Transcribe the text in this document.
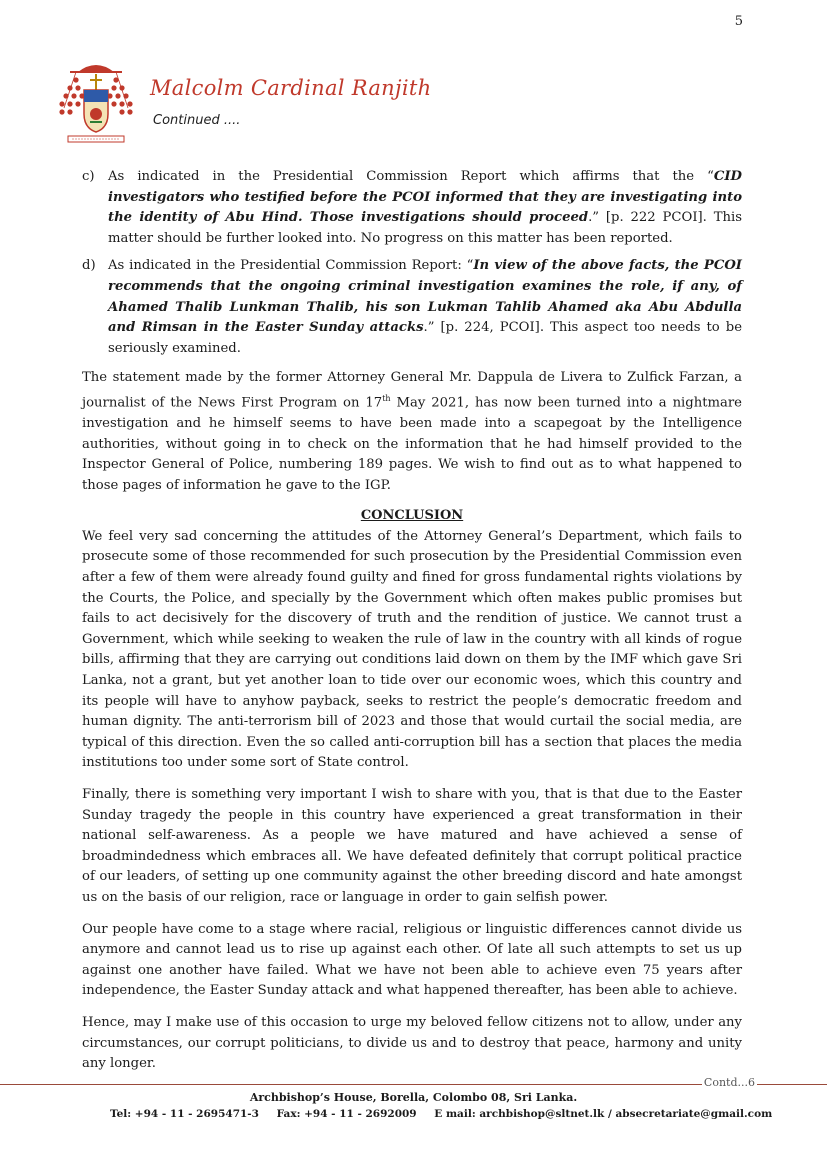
5
Malcolm Cardinal Ranjith
Continued ....
c)	As indicated in the Presidential Commission Report which affirms that the “CID investigators who testified before the PCOI informed that they are investigating into the identity of Abu Hind. Those investigations should proceed.” [p. 222 PCOI]. This matter should be further looked into. No progress on this matter has been reported.
d) As indicated in the Presidential Commission Report: “In view of the above facts, the PCOI recommends that the ongoing criminal investigation examines the role, if any, of Ahamed Thalib Lunkman Thalib, his son Lukman Tahlib Ahamed aka Abu Abdulla and Rimsan in the Easter Sunday attacks.” [p. 224, PCOI]. This aspect too needs to be seriously examined.

The statement made by the former Attorney General Mr. Dappula de Livera to Zulfick Farzan, a journalist of the News First Program on 17th May 2021, has now been turned into a nightmare investigation and he himself seems to have been made into a scapegoat by the Intelligence authorities, without going in to check on the information that he had himself provided to the Inspector General of Police, numbering 189 pages. We wish to find out as to what happened to those pages of information he gave to the IGP.

CONCLUSION

We feel very sad concerning the attitudes of the Attorney General’s Department, which fails to prosecute some of those recommended for such prosecution by the Presidential Commission even after a few of them were already found guilty and fined for gross fundamental rights violations by the Courts, the Police, and specially by the Government which often makes public promises but fails to act decisively for the discovery of truth and the rendition of justice. We cannot trust a Government, which while seeking to weaken the rule of law in the country with all kinds of rogue bills, affirming that they are carrying out conditions laid down on them by the IMF which gave Sri Lanka, not a grant, but yet another loan to tide over our economic woes, which this country and its people will have to anyhow payback, seeks to restrict the people’s democratic freedom and human dignity. The anti-terrorism bill of 2023 and those that would curtail the social media, are typical of this direction. Even the so called anti-corruption bill has a section that places the media institutions too under some sort of State control.

Finally, there is something very important I wish to share with you, that is that due to the Easter Sunday tragedy the people in this country have experienced a great transformation in their national self-awareness. As a people we have matured and have achieved a sense of broadmindedness which embraces all. We have defeated definitely that corrupt political practice of our leaders, of setting up one community against the other breeding discord and hate amongst us on the basis of our religion, race or language in order to gain selfish power.

Our people have come to a stage where racial, religious or linguistic differences cannot divide us anymore and cannot lead us to rise up against each other. Of late all such attempts to set us up against one another have failed. What we have not been able to achieve even 75 years after independence, the Easter Sunday attack and what happened thereafter, has been able to achieve.

Hence, may I make use of this occasion to urge my beloved fellow citizens not to allow, under any circumstances, our corrupt politicians, to divide us and to destroy that peace, harmony and unity any longer.

Contd...6
Archbishop’s House, Borella, Colombo 08, Sri Lanka.
Tel: +94 - 11 - 2695471-3 Fax: +94 - 11 - 2692009 E mail: archbishop@sltnet.lk / absecretariate@gmail.com
